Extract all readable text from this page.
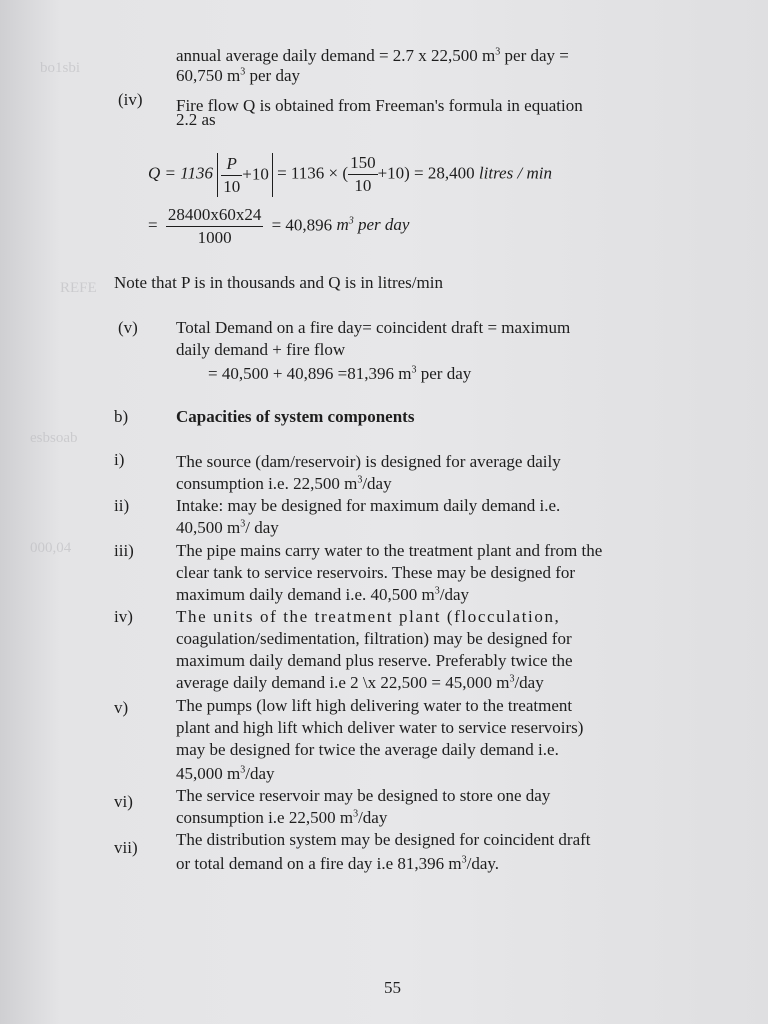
bo1sbi
esbsoab
000,04
REFE
annual average daily demand = 2.7 x 22,500 $m^3$ per day =
60,750 $m^3$ per day
(iv) Fire flow Q is obtained from Freeman's formula in equation
2.2 as
$Q = 1136 \frac{P}{10} +10 = 1136$ × ( $\frac{150}{10} +10) = 28,400$ litres / min
= $\frac{28400x60x24}{1000} = 40,896$ $m^3$ per day
Note that P is in thousands and Q is in litres/min
(v) Total Demand on a fire day= coincident draft = maximum
daily demand + fire flow
= 40,500 + 40,896 =81,396 $m^3$ per day
b)	Capacities of system components
i)	The source (dam/reservoir) is designed for average daily
consumption i.e. 22,500 $m^3$/day
ii)	Intake: may be designed for maximum daily demand i.e.
40,500 $m^3/$ day
iii) The pipe mains carry water to the treatment plant and from the
clear tank to service reservoirs. These may be designed for
maximum daily demand i.e. 40,500 $m^3$/day
iv)	The units of the treatment plant (flocculation,
coagulation/sedimentation, filtration) may be designed for
maximum daily demand plus reserve. Preferably twice the
average daily demand i.e 2 \x 22,500 = 45,000 $m^3$/day
v)	The pumps (low lift high delivering water to the treatment
plant and high lift which deliver water to service reservoirs)
may be designed for twice the average daily demand i.e.
45,000 $m^3$/day
vi)	The service reservoir may be designed to store one day
consumption i.e 22,500 $m^3$/day
vii) The distribution system may be designed for coincident draft
or total demand on a fire day i.e 81,396 $m^3$/day.
55
